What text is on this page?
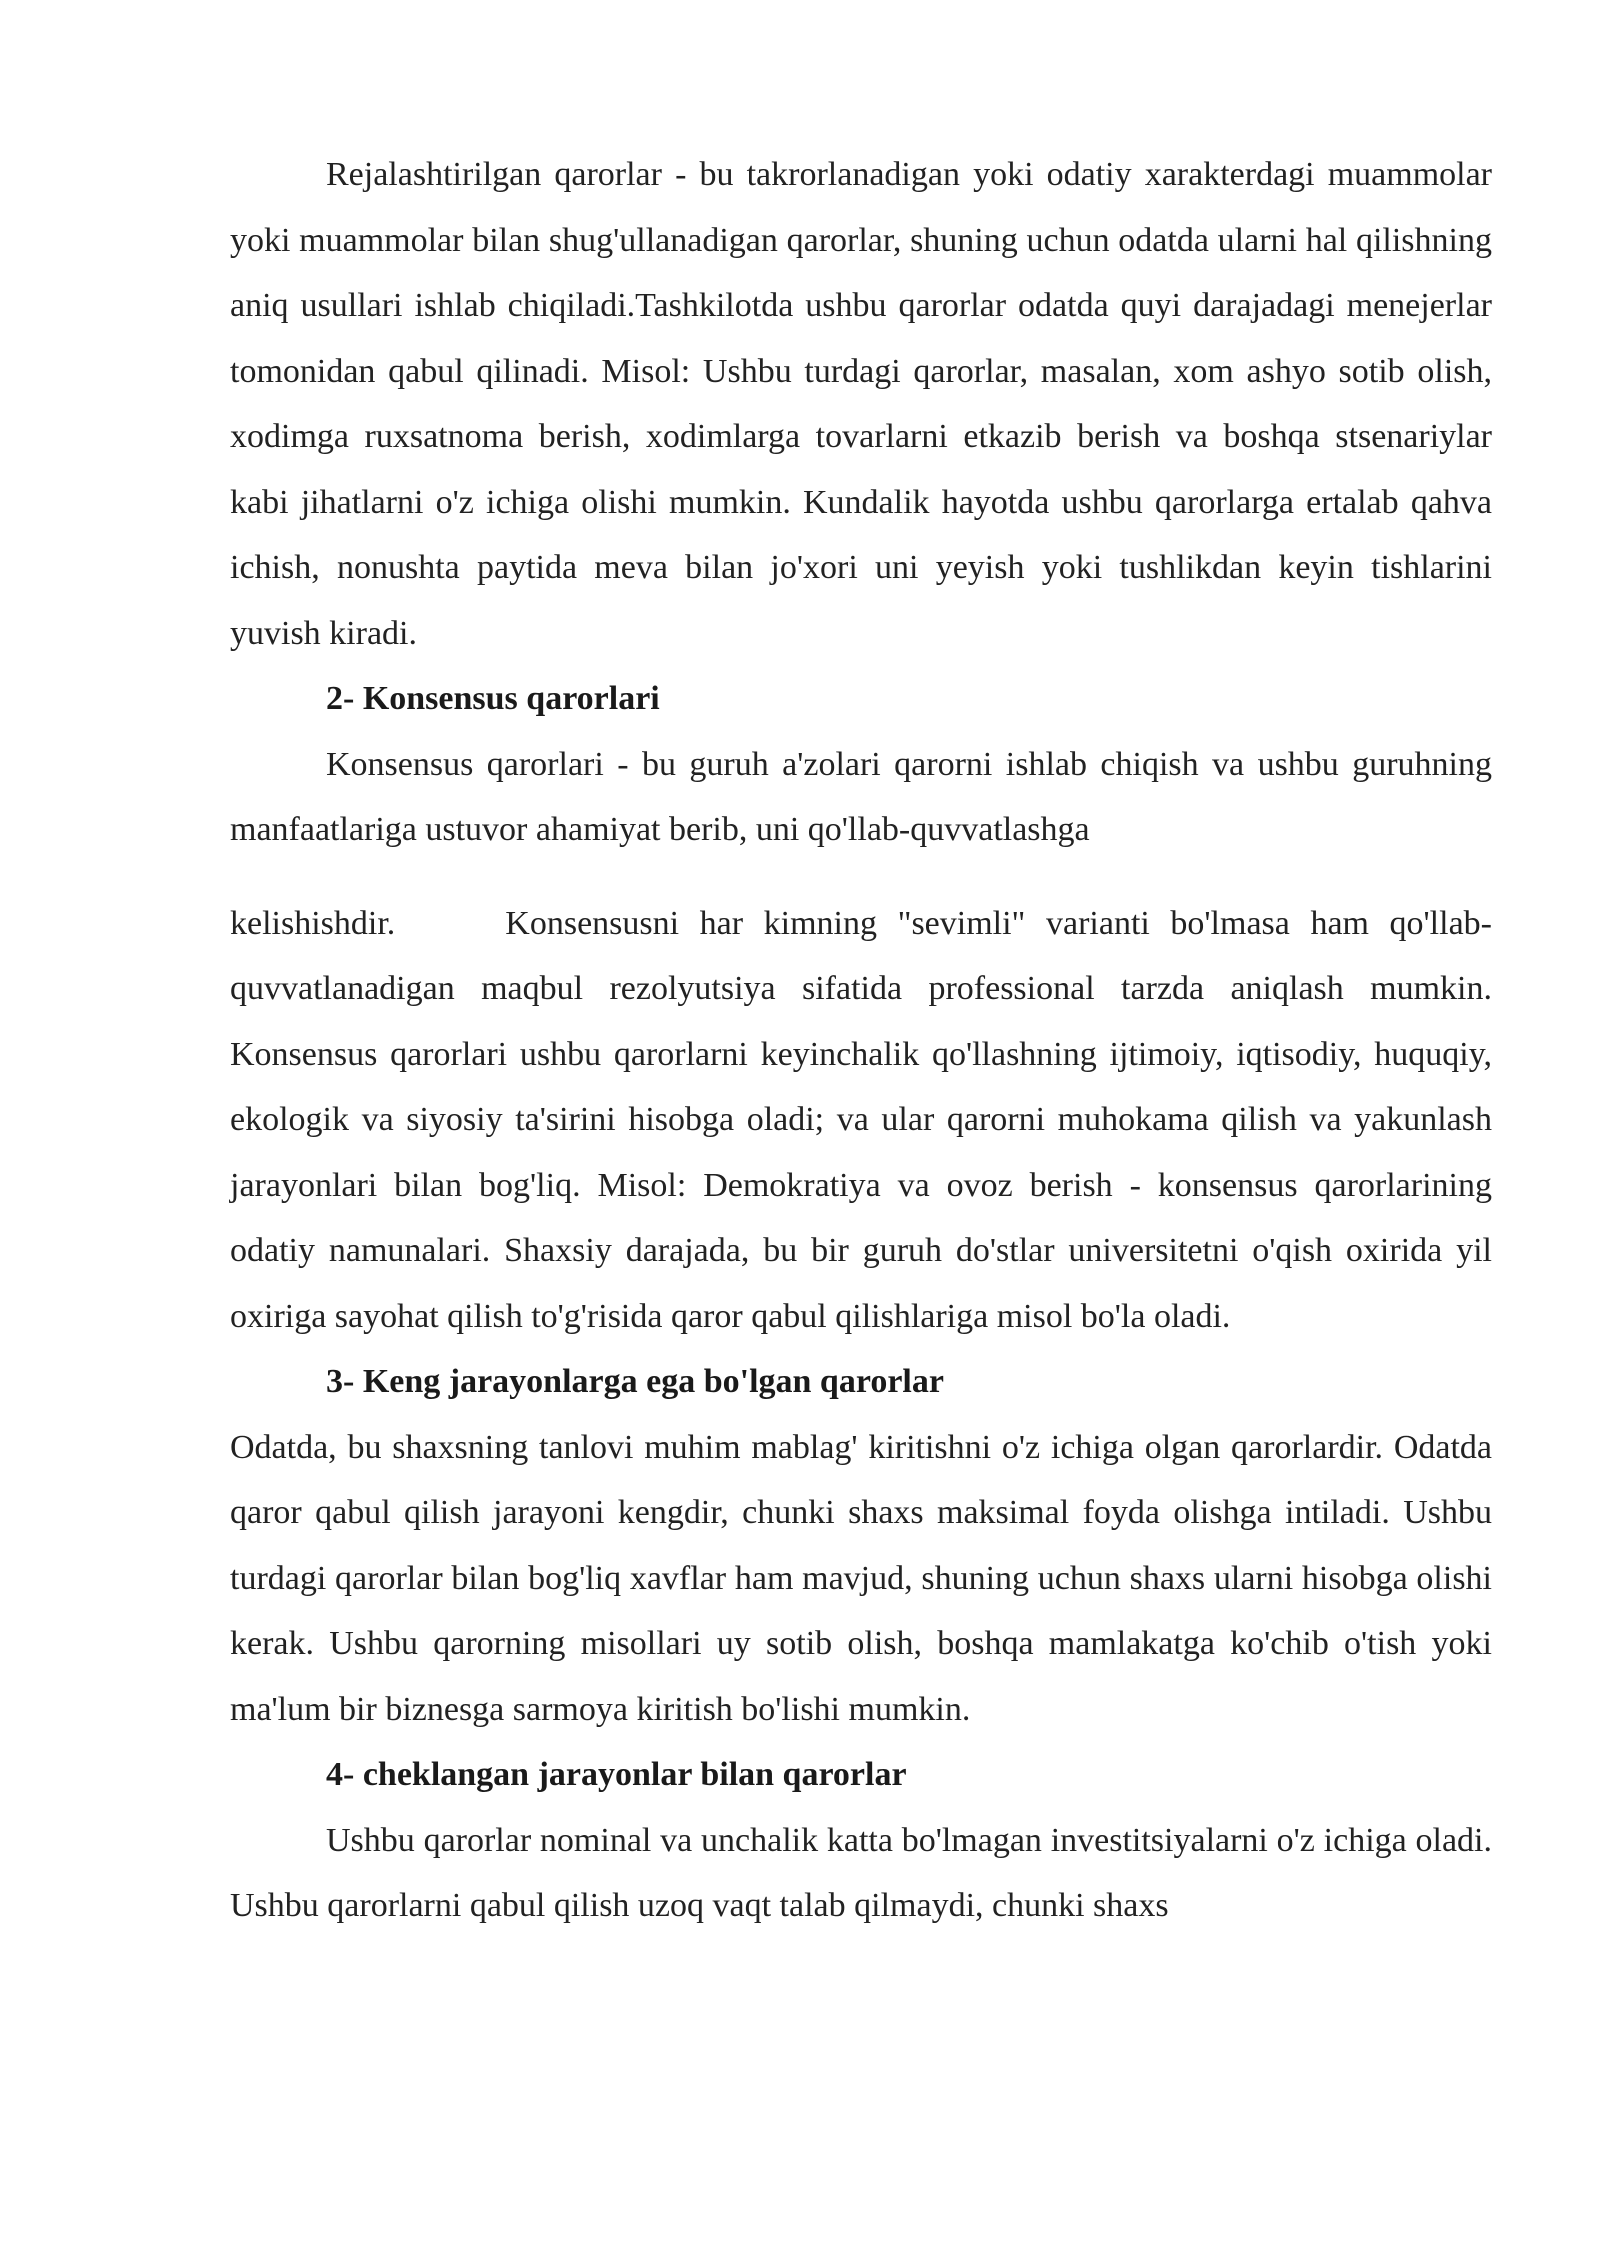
Rejalashtirilgan qarorlar - bu takrorlanadigan yoki odatiy xarakterdagi muammolar yoki muammolar bilan shug'ullanadigan qarorlar, shuning uchun odatda ularni hal qilishning aniq usullari ishlab chiqiladi.Tashkilotda ushbu qarorlar odatda quyi darajadagi menejerlar tomonidan qabul qilinadi. Misol: Ushbu turdagi qarorlar, masalan, xom ashyo sotib olish, xodimga ruxsatnoma berish, xodimlarga tovarlarni etkazib berish va boshqa stsenariylar kabi jihatlarni o'z ichiga olishi mumkin. Kundalik hayotda ushbu qarorlarga ertalab qahva ichish, nonushta paytida meva bilan jo'xori uni yeyish yoki tushlikdan keyin tishlarini yuvish kiradi.

2- Konsensus qarorlari

Konsensus qarorlari - bu guruh a'zolari qarorni ishlab chiqish va ushbu guruhning manfaatlariga ustuvor ahamiyat berib, uni qo'llab-quvvatlashga

kelishishdir.	Konsensusni har kimning "sevimli" varianti bo'lmasa ham qo'llab-quvvatlanadigan maqbul rezolyutsiya sifatida professional tarzda aniqlash mumkin. Konsensus qarorlari ushbu qarorlarni keyinchalik qo'llashning ijtimoiy, iqtisodiy, huquqiy, ekologik va siyosiy ta'sirini hisobga oladi; va ular qarorni muhokama qilish va yakunlash jarayonlari bilan bog'liq. Misol: Demokratiya va ovoz berish - konsensus qarorlarining odatiy namunalari. Shaxsiy darajada, bu bir guruh do'stlar universitetni o'qish oxirida yil oxiriga sayohat qilish to'g'risida qaror qabul qilishlariga misol bo'la oladi.

3- Keng jarayonlarga ega bo'lgan qarorlar

Odatda, bu shaxsning tanlovi muhim mablag' kiritishni o'z ichiga olgan qarorlardir. Odatda qaror qabul qilish jarayoni kengdir, chunki shaxs maksimal foyda olishga intiladi. Ushbu turdagi qarorlar bilan bog'liq xavflar ham mavjud, shuning uchun shaxs ularni hisobga olishi kerak. Ushbu qarorning misollari uy sotib olish, boshqa mamlakatga ko'chib o'tish yoki ma'lum bir biznesga sarmoya kiritish bo'lishi mumkin.

4- cheklangan jarayonlar bilan qarorlar

Ushbu qarorlar nominal va unchalik katta bo'lmagan investitsiyalarni o'z ichiga oladi. Ushbu qarorlarni qabul qilish uzoq vaqt talab qilmaydi, chunki shaxs
